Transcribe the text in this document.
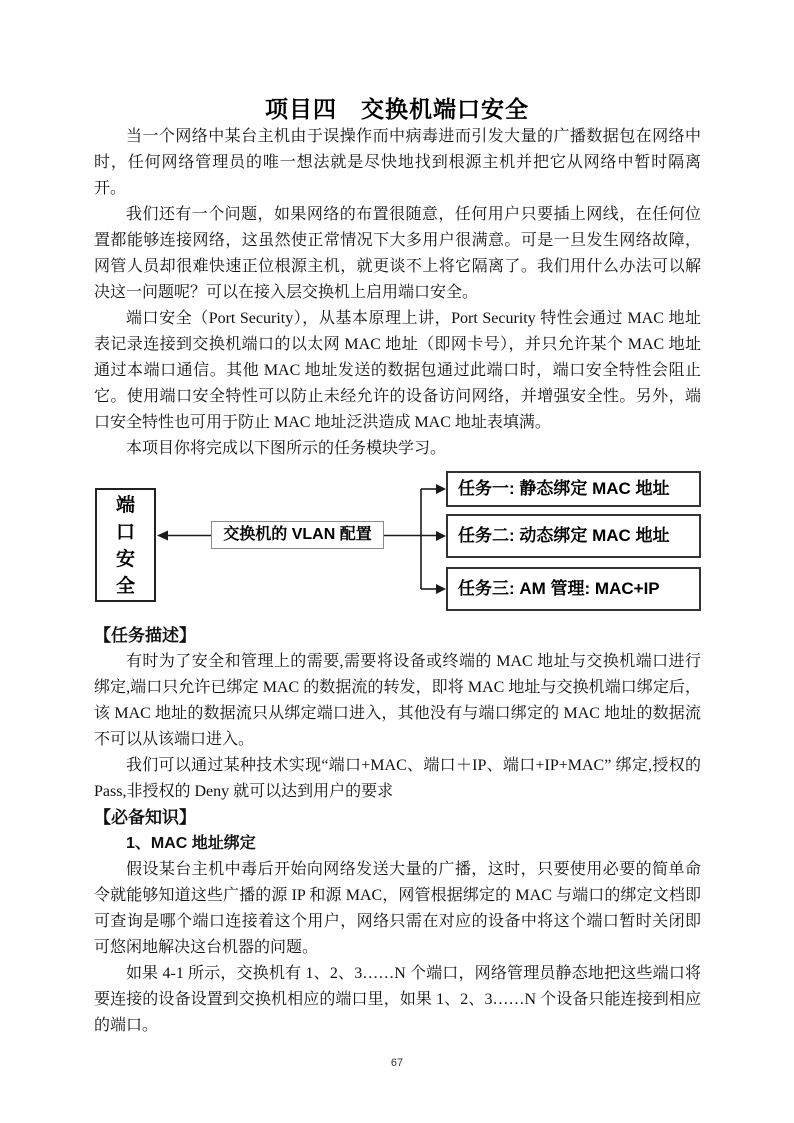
项目四　交换机端口安全

当一个网络中某台主机由于误操作而中病毒进而引发大量的广播数据包在网络中时，任何网络管理员的唯一想法就是尽快地找到根源主机并把它从网络中暂时隔离开。

我们还有一个问题，如果网络的布置很随意，任何用户只要插上网线，在任何位置都能够连接网络，这虽然使正常情况下大多用户很满意。可是一旦发生网络故障，网管人员却很难快速正位根源主机，就更谈不上将它隔离了。我们用什么办法可以解决这一问题呢？可以在接入层交换机上启用端口安全。

端口安全（Port Security），从基本原理上讲，Port Security 特性会通过 MAC 地址表记录连接到交换机端口的以太网 MAC 地址（即网卡号），并只允许某个 MAC 地址通过本端口通信。其他 MAC 地址发送的数据包通过此端口时，端口安全特性会阻止它。使用端口安全特性可以防止未经允许的设备访问网络，并增强安全性。另外，端口安全特性也可用于防止 MAC 地址泛洪造成 MAC 地址表填满。

本项目你将完成以下图所示的任务模块学习。

端口安全
交换机的 VLAN 配置
任务一: 静态绑定 MAC 地址
任务二: 动态绑定 MAC 地址
任务三: AM 管理: MAC+IP

【任务描述】

有时为了安全和管理上的需要,需要将设备或终端的 MAC 地址与交换机端口进行绑定,端口只允许已绑定 MAC 的数据流的转发，即将 MAC 地址与交换机端口绑定后，该 MAC 地址的数据流只从绑定端口进入，其他没有与端口绑定的 MAC 地址的数据流不可以从该端口进入。

我们可以通过某种技术实现“端口+MAC、端口＋IP、端口+IP+MAC” 绑定,授权的 Pass,非授权的 Deny 就可以达到用户的要求

【必备知识】

1、MAC 地址绑定

假设某台主机中毒后开始向网络发送大量的广播，这时，只要使用必要的简单命令就能够知道这些广播的源 IP 和源 MAC，网管根据绑定的 MAC 与端口的绑定文档即可查询是哪个端口连接着这个用户，网络只需在对应的设备中将这个端口暂时关闭即可悠闲地解决这台机器的问题。

如果 4-1 所示，交换机有 1、2、3……N 个端口，网络管理员静态地把这些端口将要连接的设备设置到交换机相应的端口里，如果 1、2、3……N 个设备只能连接到相应的端口。

67
